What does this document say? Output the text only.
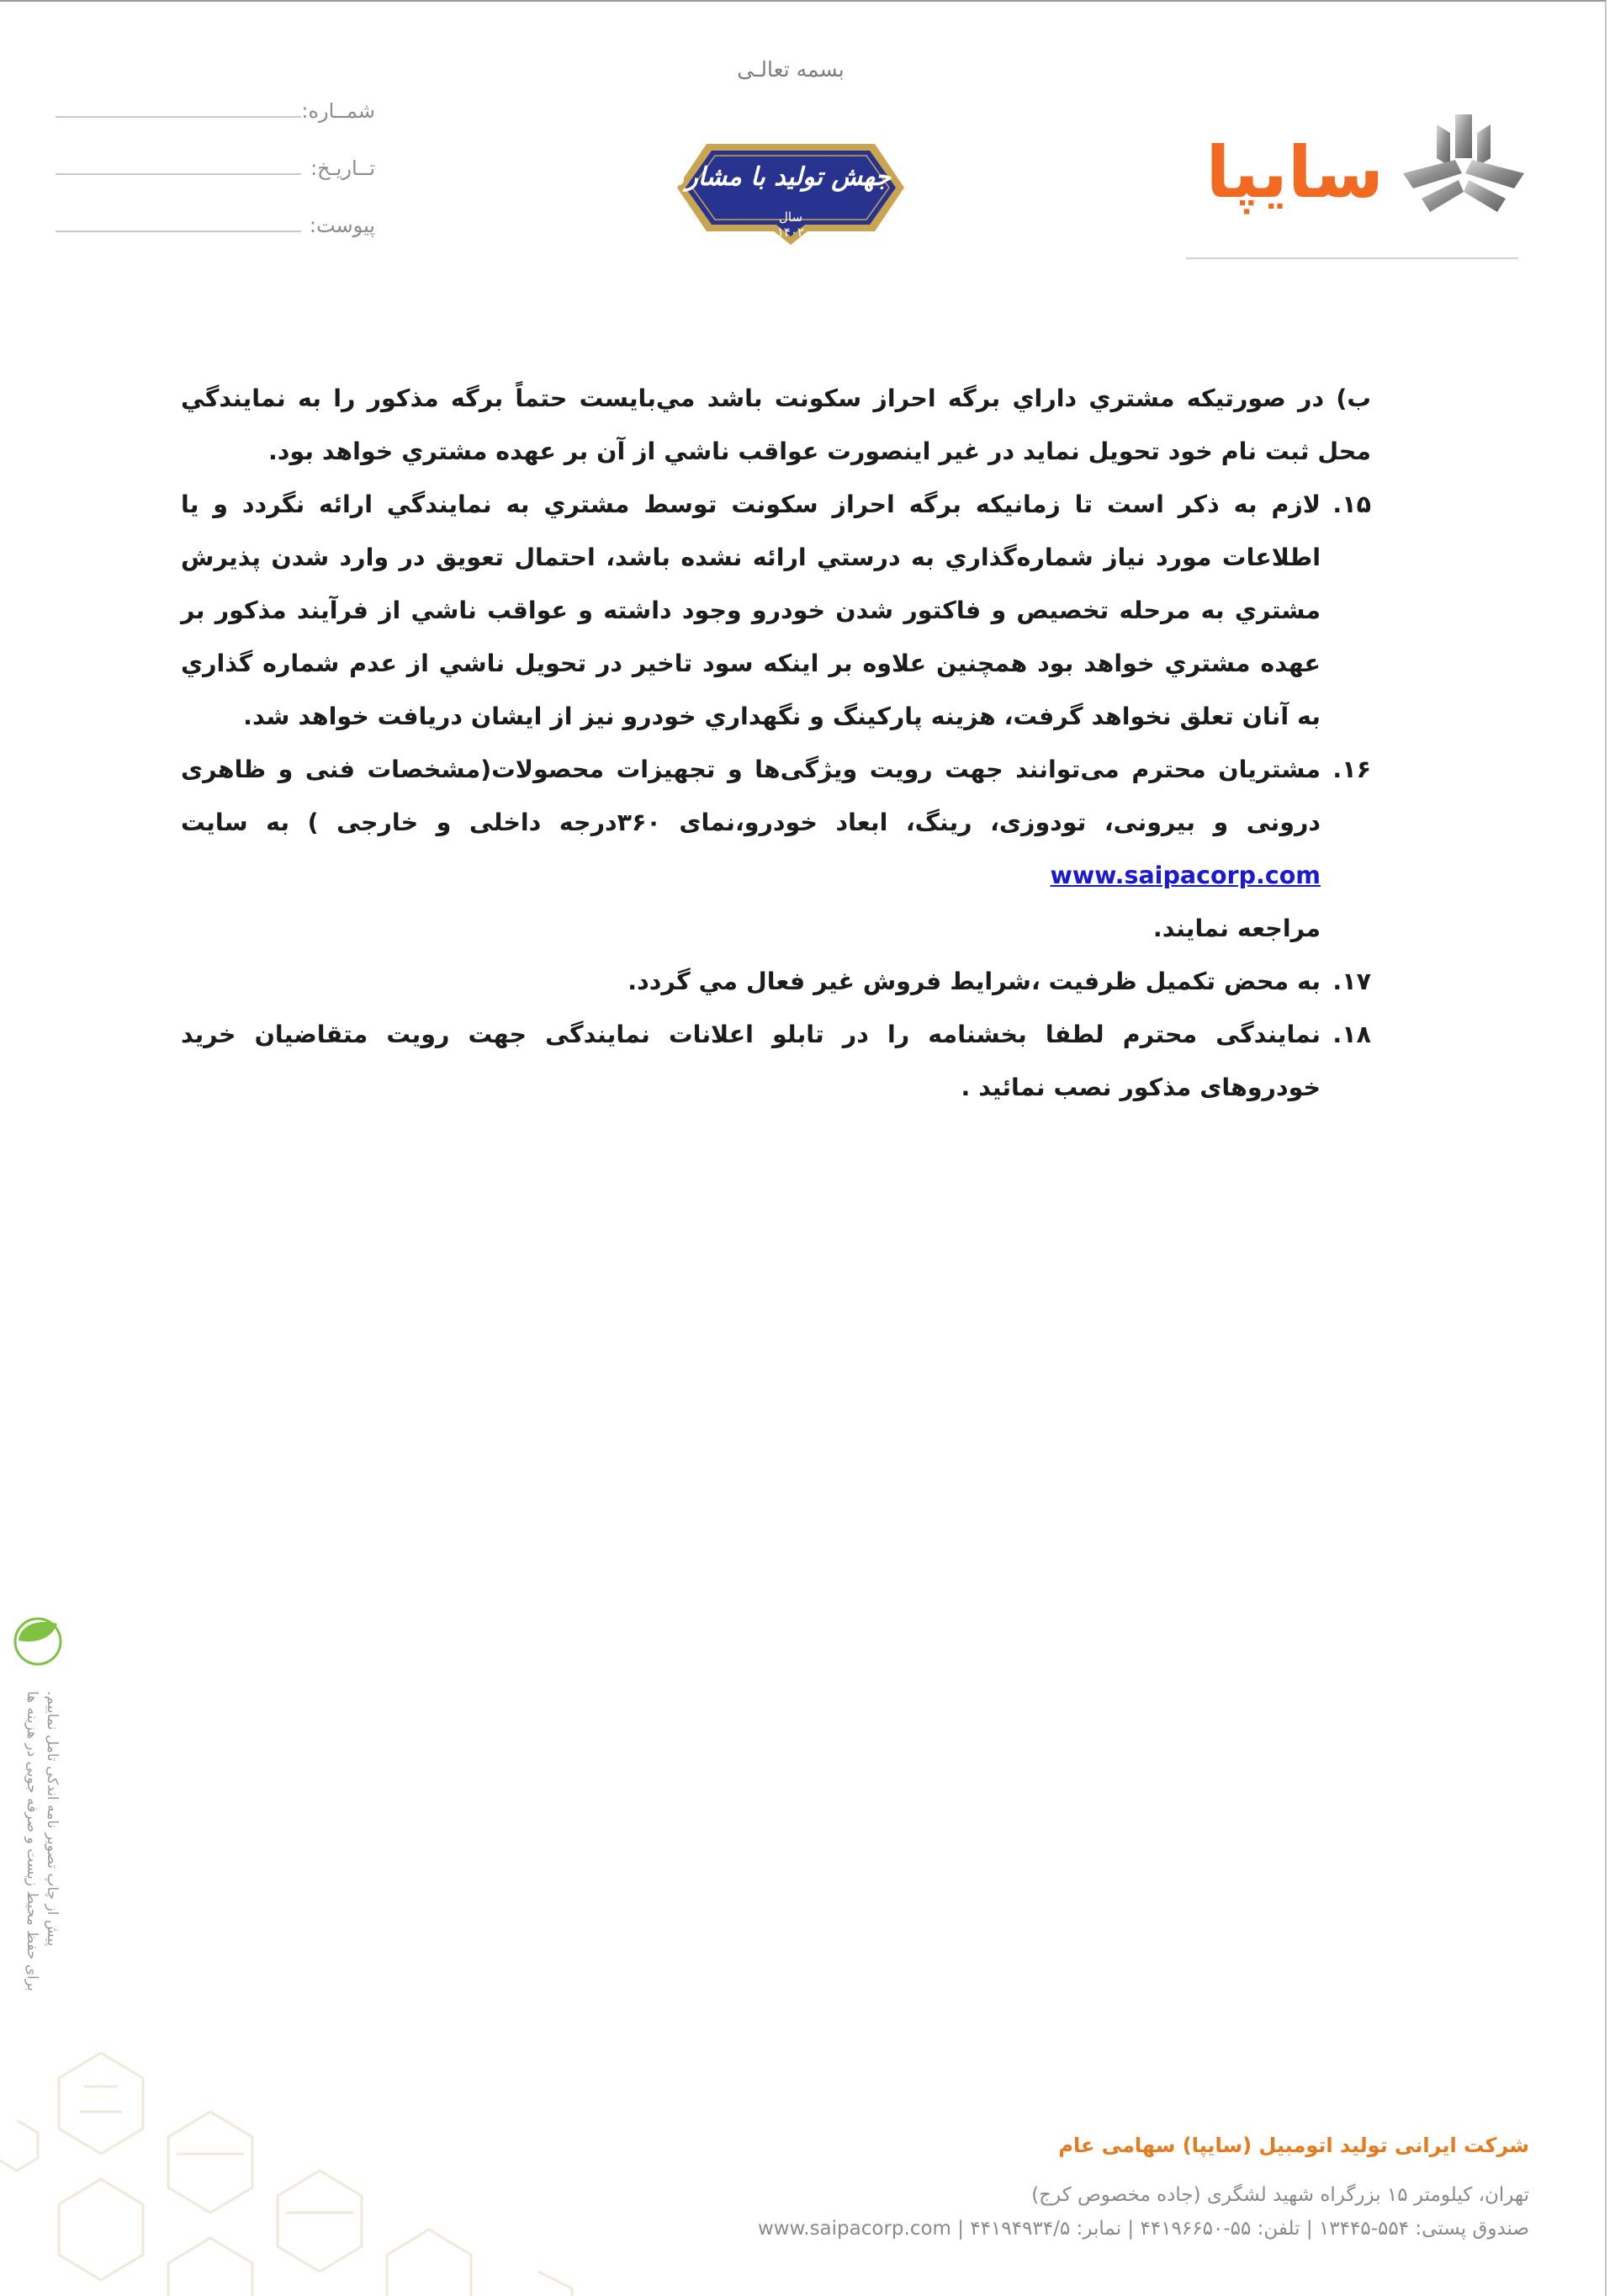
بسمه تعالـی
شمــاره:
تــاریـخ:
پیوست:
جهش تولید با مشارکت مردم
سال ۱۴۰۲
سایپا

ب) در صورتيكه مشتري داراي برگه احراز سكونت باشد مي‌بايست حتماً برگه مذكور را به نمايندگي محل ثبت نام خود تحويل نمايد در غير اينصورت عواقب ناشي از آن بر عهده مشتري خواهد بود.

۱۵.
لازم به ذکر است تا زمانيكه برگه احراز سكونت توسط مشتري به نمايندگي ارائه نگردد و يا اطلاعات مورد نياز شماره‌گذاري به درستي ارائه نشده باشد، احتمال تعويق در وارد شدن پذيرش مشتري به مرحله تخصيص و فاكتور شدن خودرو وجود داشته و عواقب ناشي از فرآيند مذكور بر عهده مشتري خواهد بود همچنين علاوه بر اينكه سود تاخير در تحويل ناشي از عدم شماره گذاري به آنان تعلق نخواهد گرفت، هزينه پاركينگ و نگهداري خودرو نيز از ايشان دريافت خواهد شد.

۱۶.
مشتریان محترم می‌توانند جهت رویت ویژگی‌ها و تجهیزات محصولات(مشخصات فنی و ظاهری درونی و بیرونی، تودوزی، رینگ، ابعاد خودرو،نمای ۳۶۰درجه داخلی و خارجی ) به سایت www.saipacorp.com
مراجعه نمایند.

۱۷.
به محض تكميل ظرفيت ،شرايط فروش غير فعال مي گردد.

۱۸.
نمایندگی محترم لطفا بخشنامه را در تابلو اعلانات نمایندگی جهت رویت متقاضیان خرید خودروهای مذکور نصب نمائید .

برای حفظ محیط زیست و صرفه جویی در هزینه ها پیش از چاپ تصویر نامه اندکی تامل نماییم.
شرکت ایرانی تولید اتومبیل (سایپا) سهامی عام
تهران، کیلومتر ۱۵ بزرگراه شهید لشگری (جاده مخصوص کرج)
صندوق پستی: ۵۵۴-۱۳۴۴۵ | تلفن: ۵۵-۴۴۱۹۶۶۵۰ | نمابر: ۴۴۱۹۴۹۳۴/۵ | www.saipacorp.com
